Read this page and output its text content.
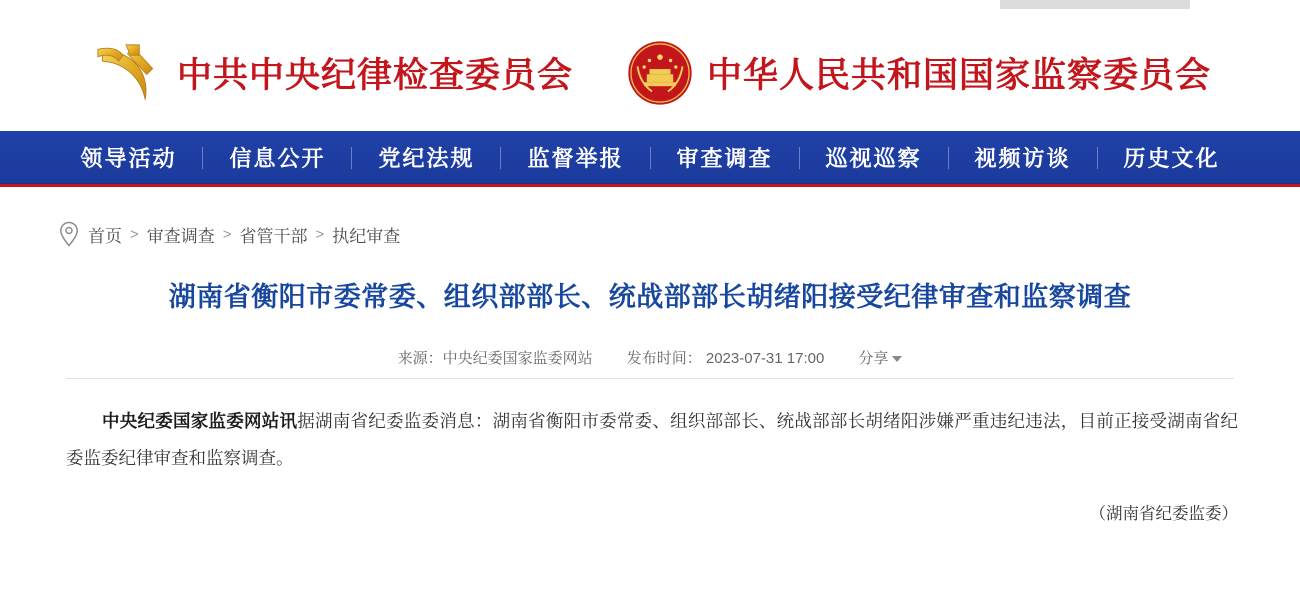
中共中央纪律检查委员会	中华人民共和国国家监察委员会
领导活动	信息公开	党纪法规	监督举报	审查调查	巡视巡察	视频访谈	历史文化
首页 > 审查调查 > 省管干部 > 执纪审查
湖南省衡阳市委常委、组织部部长、统战部部长胡绪阳接受纪律审查和监察调查
来源：中央纪委国家监委网站 发布时间： 2023-07-31 17:00 分享

中央纪委国家监委网站讯据湖南省纪委监委消息：湖南省衡阳市委常委、组织部部长、统战部部长胡绪阳涉嫌严重违纪违法，目前正接受湖南省纪委监委纪律审查和监察调查。

（湖南省纪委监委）
